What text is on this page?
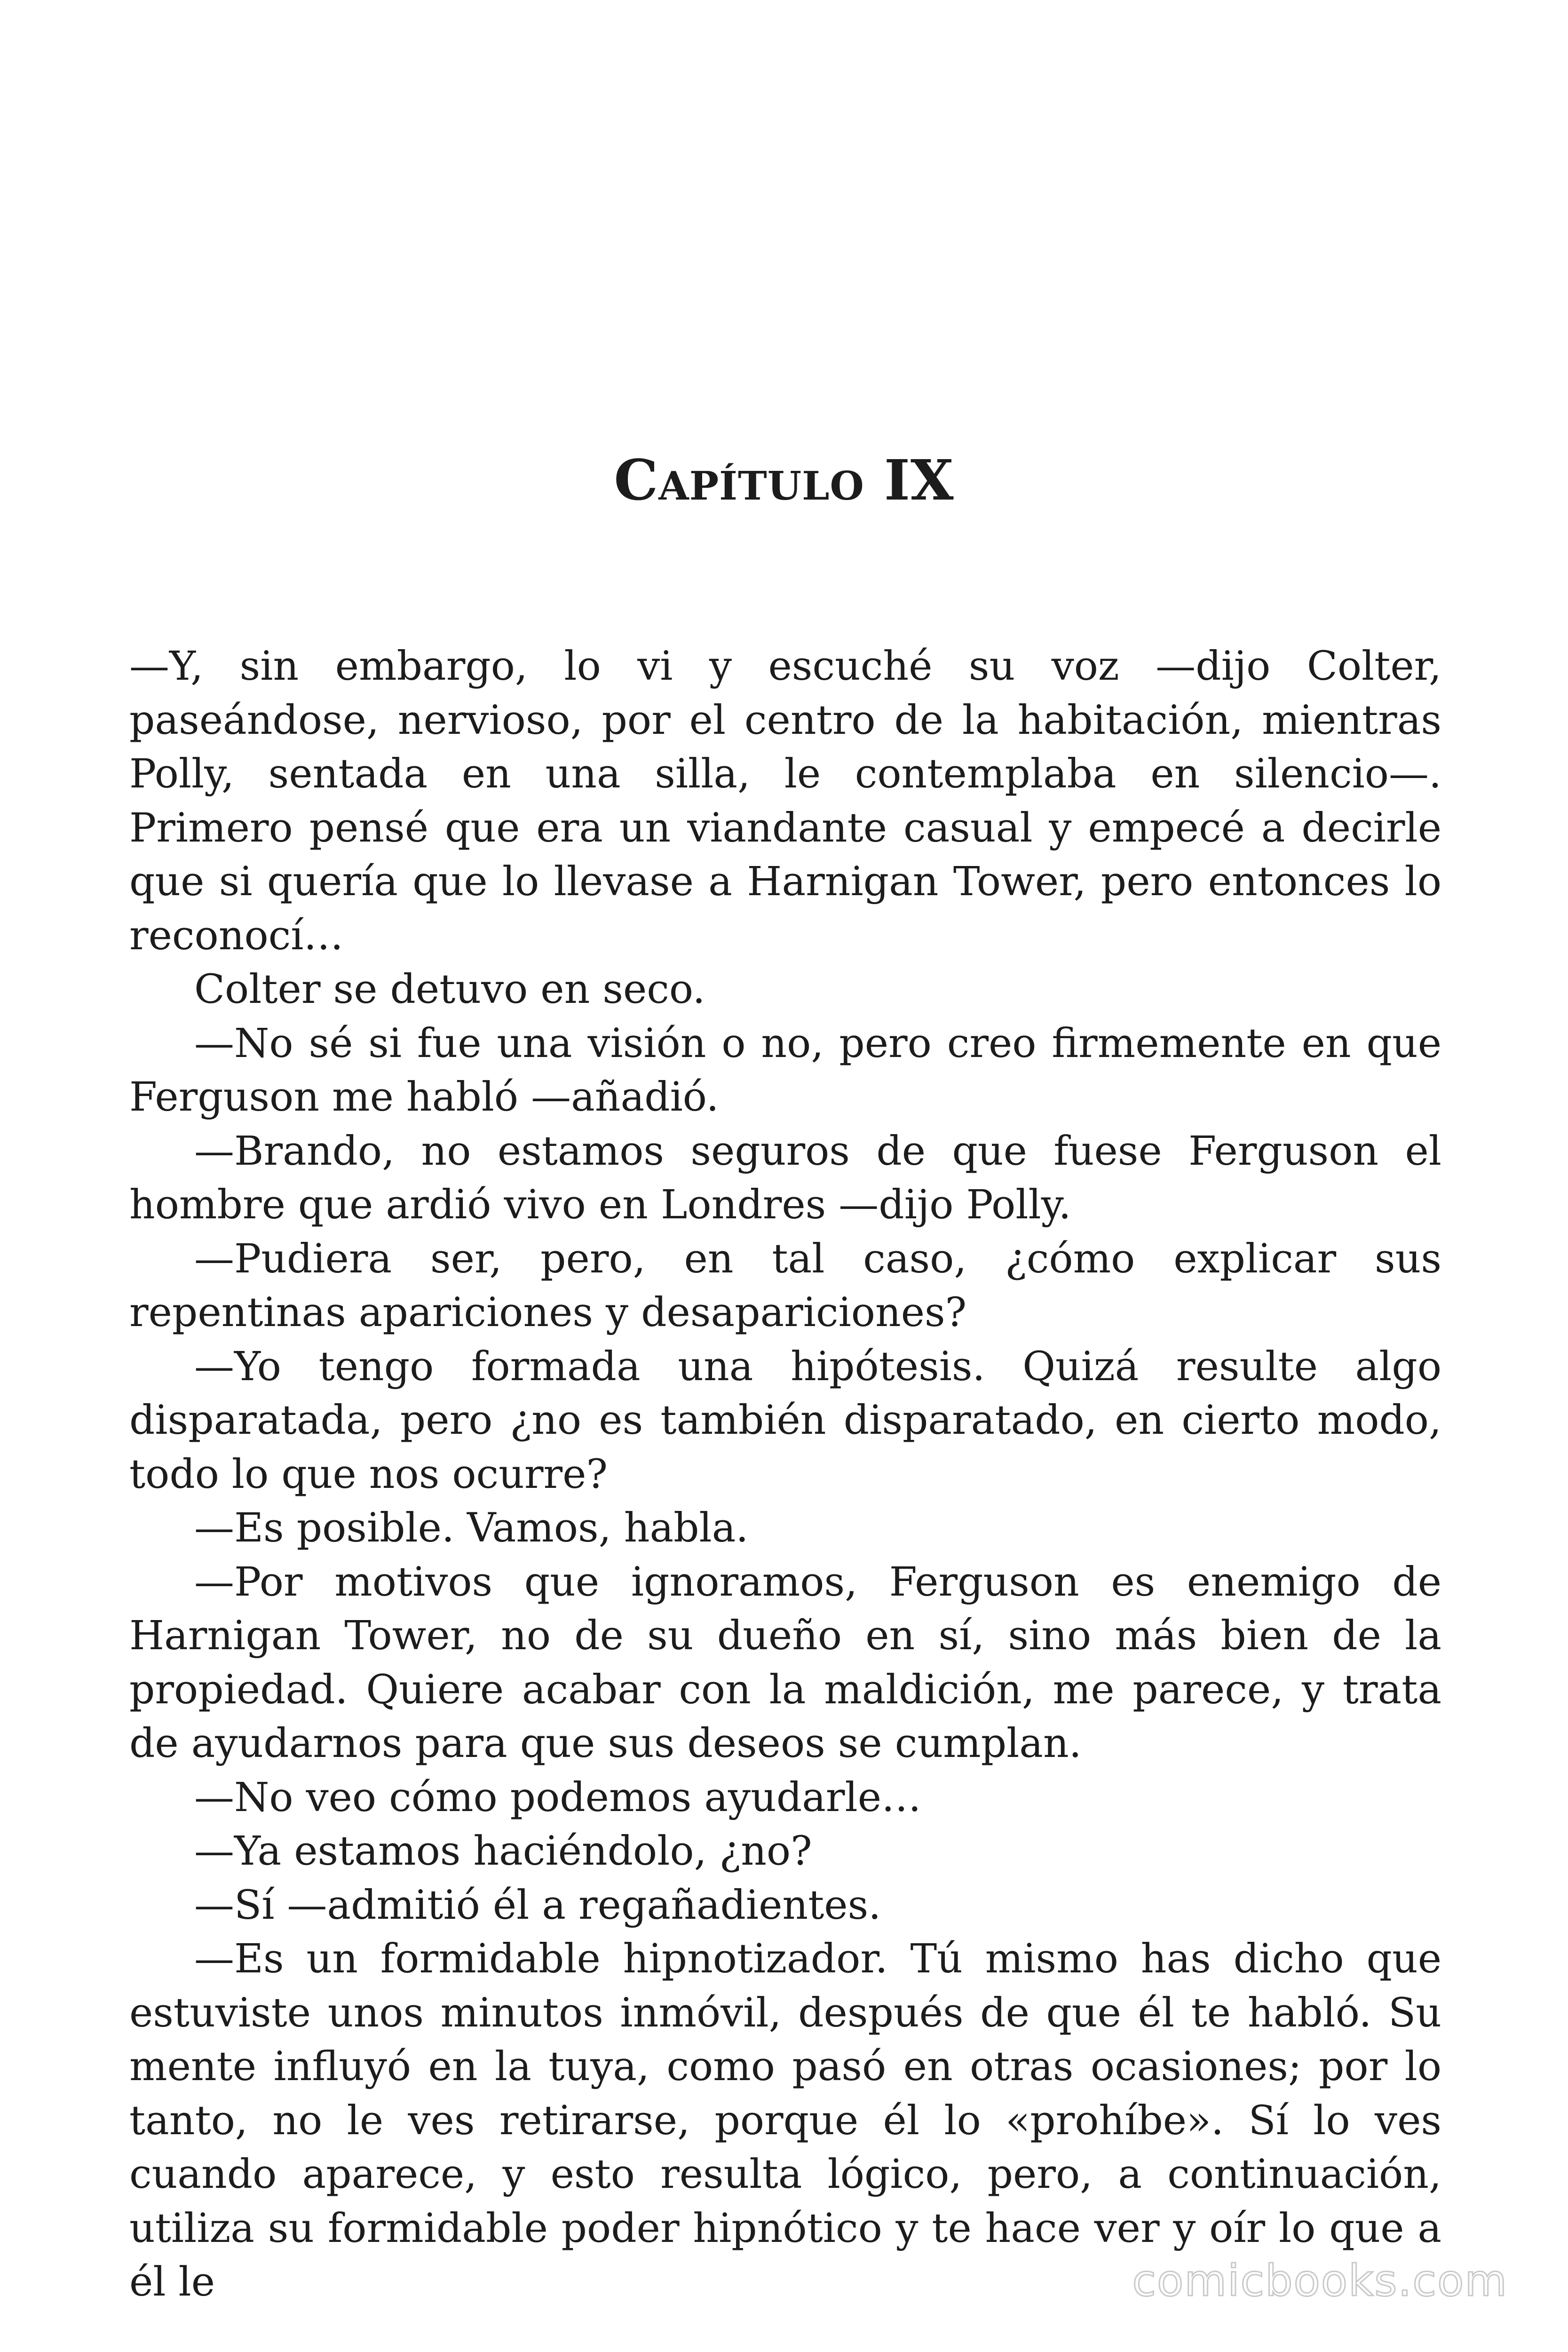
Capítulo IX

—Y, sin embargo, lo vi y escuché su voz —dijo Colter, paseándose, nervioso, por el centro de la habitación, mientras Polly, sentada en una silla, le contemplaba en silencio—. Primero pensé que era un viandante casual y empecé a decirle que si quería que lo llevase a Harnigan Tower, pero entonces lo reconocí…

Colter se detuvo en seco.

—No sé si fue una visión o no, pero creo firmemente en que Ferguson me habló —añadió.

—Brando, no estamos seguros de que fuese Ferguson el hombre que ardió vivo en Londres —dijo Polly.

—Pudiera ser, pero, en tal caso, ¿cómo explicar sus repentinas apariciones y desapariciones?

—Yo tengo formada una hipótesis. Quizá resulte algo disparatada, pero ¿no es también disparatado, en cierto modo, todo lo que nos ocurre?

—Es posible. Vamos, habla.

—Por motivos que ignoramos, Ferguson es enemigo de Harnigan Tower, no de su dueño en sí, sino más bien de la propiedad. Quiere acabar con la maldición, me parece, y trata de ayudarnos para que sus deseos se cumplan.

—No veo cómo podemos ayudarle…

—Ya estamos haciéndolo, ¿no?

—Sí —admitió él a regañadientes.

—Es un formidable hipnotizador. Tú mismo has dicho que estuviste unos minutos inmóvil, después de que él te habló. Su mente influyó en la tuya, como pasó en otras ocasiones; por lo tanto, no le ves retirarse, porque él lo «prohíbe». Sí lo ves cuando aparece, y esto resulta lógico, pero, a continuación, utiliza su formidable poder hipnótico y te hace ver y oír lo que a él le	comicbooks.com
